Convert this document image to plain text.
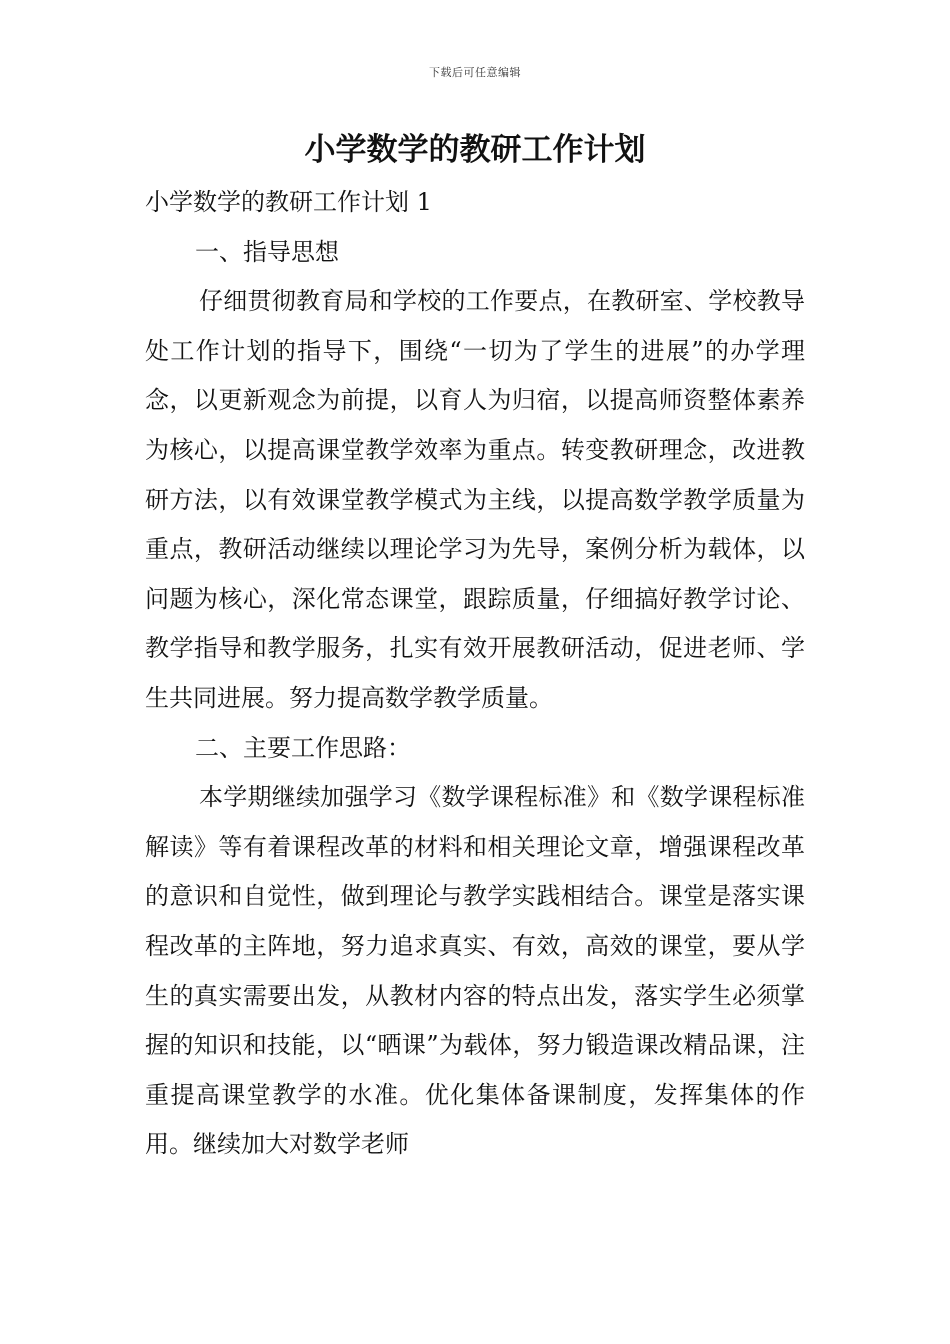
下载后可任意编辑
小学数学的教研工作计划

小学数学的教研工作计划 1

一、指导思想

仔细贯彻教育局和学校的工作要点，在教研室、学校教导处工作计划的指导下，围绕“一切为了学生的进展”的办学理念，以更新观念为前提，以育人为归宿，以提高师资整体素养为核心，以提高课堂教学效率为重点。转变教研理念，改进教研方法，以有效课堂教学模式为主线，以提高数学教学质量为重点，教研活动继续以理论学习为先导，案例分析为载体，以问题为核心，深化常态课堂，跟踪质量，仔细搞好教学讨论、教学指导和教学服务，扎实有效开展教研活动，促进老师、学生共同进展。努力提高数学教学质量。

二、主要工作思路：

本学期继续加强学习《数学课程标准》和《数学课程标准解读》等有着课程改革的材料和相关理论文章，增强课程改革的意识和自觉性，做到理论与教学实践相结合。课堂是落实课程改革的主阵地，努力追求真实、有效，高效的课堂，要从学生的真实需要出发，从教材内容的特点出发，落实学生必须掌握的知识和技能，以“晒课”为载体，努力锻造课改精品课，注重提高课堂教学的水准。优化集体备课制度，发挥集体的作用。继续加大对数学老师
